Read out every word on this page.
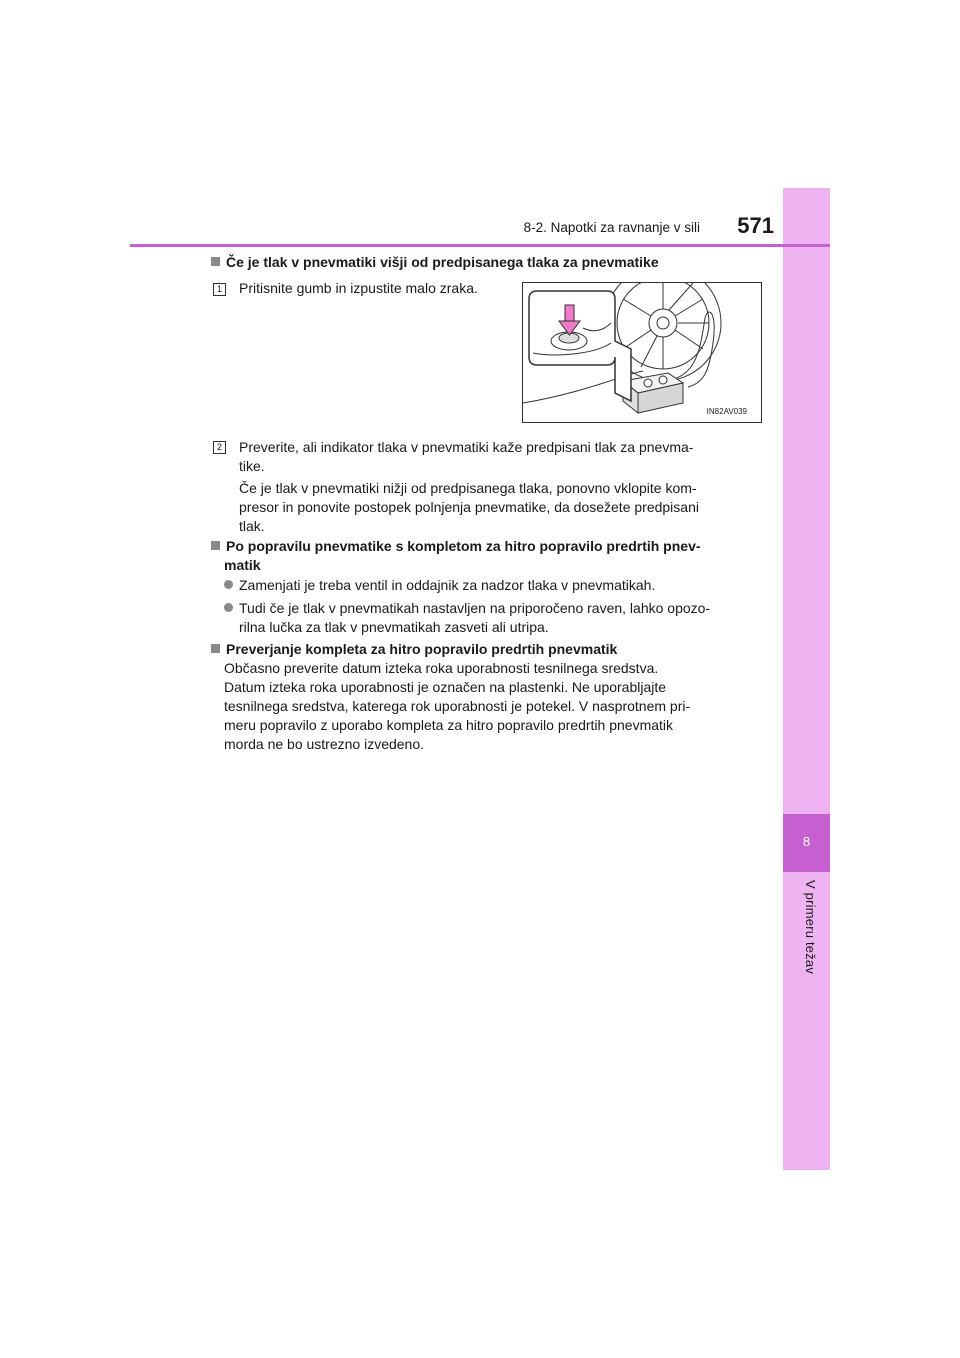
8
V primeru težav
8-2. Napotki za ravnanje v sili	571
Če je tlak v pnevmatiki višji od predpisanega tlaka za pnevmatike
1 Pritisnite gumb in izpustite malo zraka.
IN82AV039
2 Preverite, ali indikator tlaka v pnevmatiki kaže predpisani tlak za pnevma-
tike.
Če je tlak v pnevmatiki nižji od predpisanega tlaka, ponovno vklopite kom-
presor in ponovite postopek polnjenja pnevmatike, da dosežete predpisani
tlak.
Po popravilu pnevmatike s kompletom za hitro popravilo predrtih pnev-
matik
Zamenjati je treba ventil in oddajnik za nadzor tlaka v pnevmatikah.
Tudi če je tlak v pnevmatikah nastavljen na priporočeno raven, lahko opozo-
rilna lučka za tlak v pnevmatikah zasveti ali utripa.
Preverjanje kompleta za hitro popravilo predrtih pnevmatik
Občasno preverite datum izteka roka uporabnosti tesnilnega sredstva.
Datum izteka roka uporabnosti je označen na plastenki. Ne uporabljajte
tesnilnega sredstva, katerega rok uporabnosti je potekel. V nasprotnem pri-
meru popravilo z uporabo kompleta za hitro popravilo predrtih pnevmatik
morda ne bo ustrezno izvedeno.
